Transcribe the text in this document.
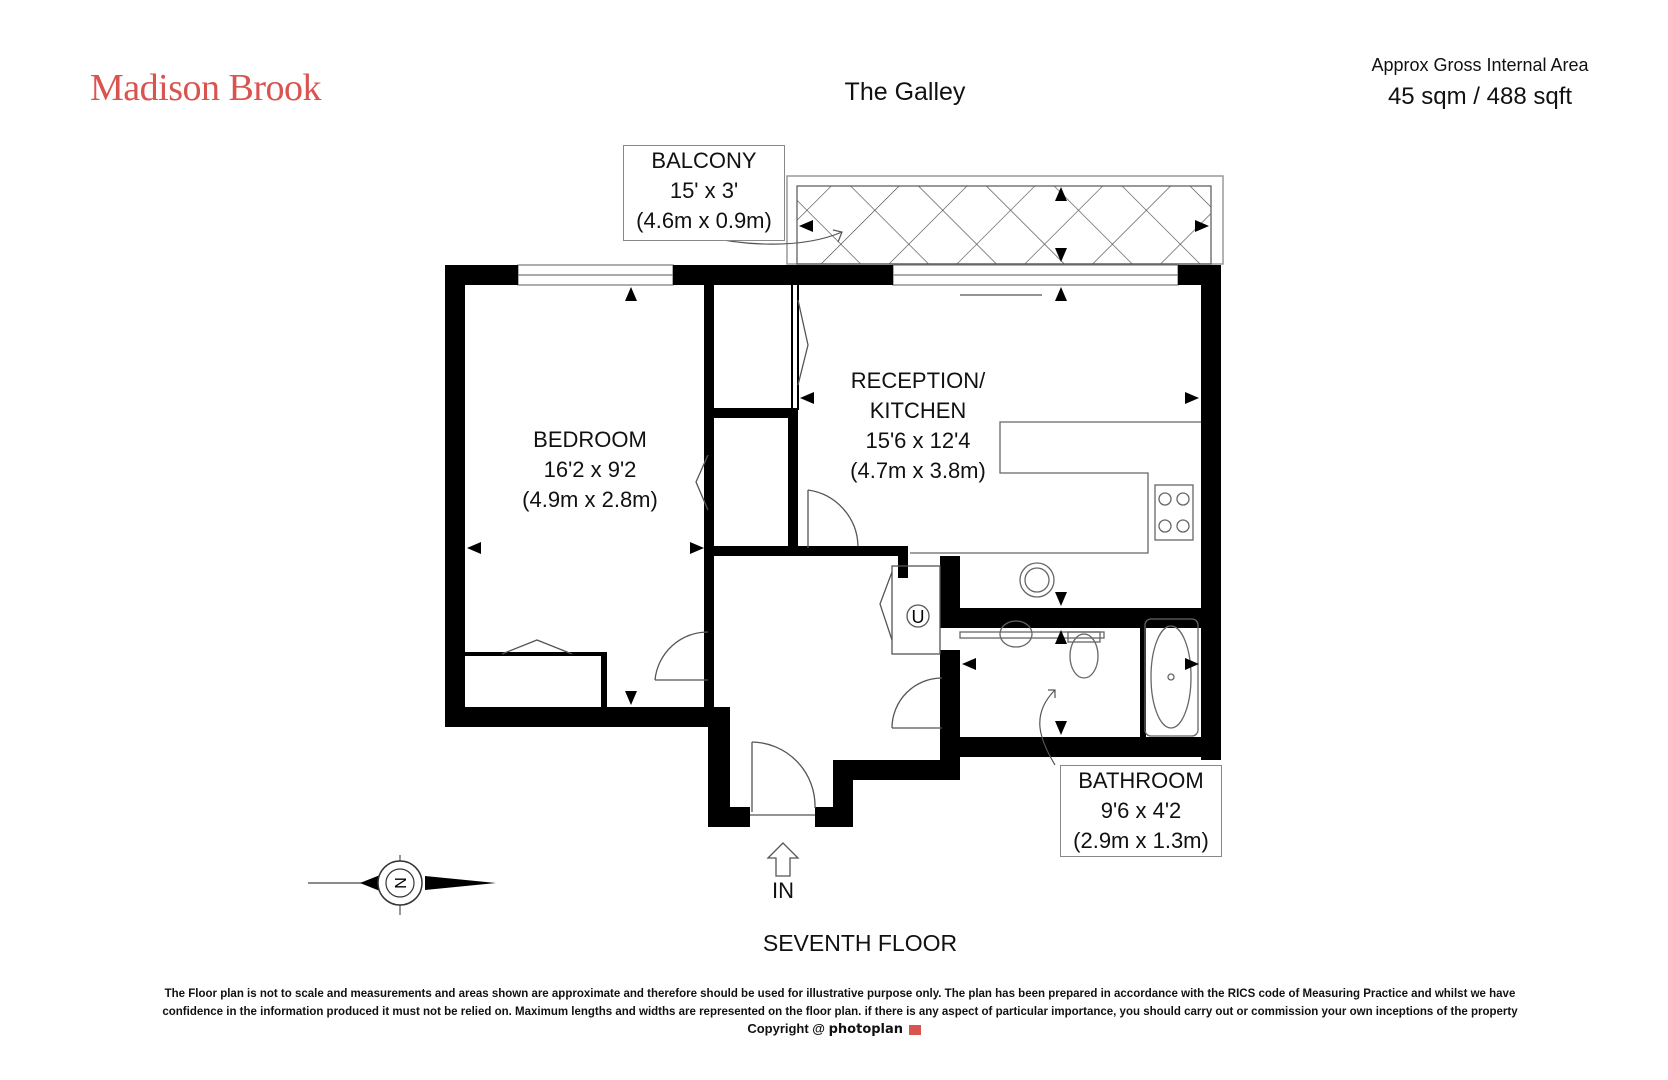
Madison Brook	The Galley
Approx Gross Internal Area
45 sqm / 488 sqft
U
N
BALCONY
15' x 3'
(4.6m x 0.9m)
RECEPTION/
KITCHEN
15'6 x 12'4
(4.7m x 3.8m)
BEDROOM
16'2 x 9'2
(4.9m x 2.8m)
BATHROOM
9'6 x 4'2
(2.9m x 1.3m)
IN
SEVENTH FLOOR
The Floor plan is not to scale and measurements and areas shown are approximate and therefore should be used for illustrative purpose only. The plan has been prepared in accordance with the RICS code of Measuring Practice and whilst we have
confidence in the information produced it must not be relied on. Maximum lengths and widths are represented on the floor plan. if there is any aspect of particular importance, you should carry out or commission your own inceptions of the property
Copyright @ photoplan
